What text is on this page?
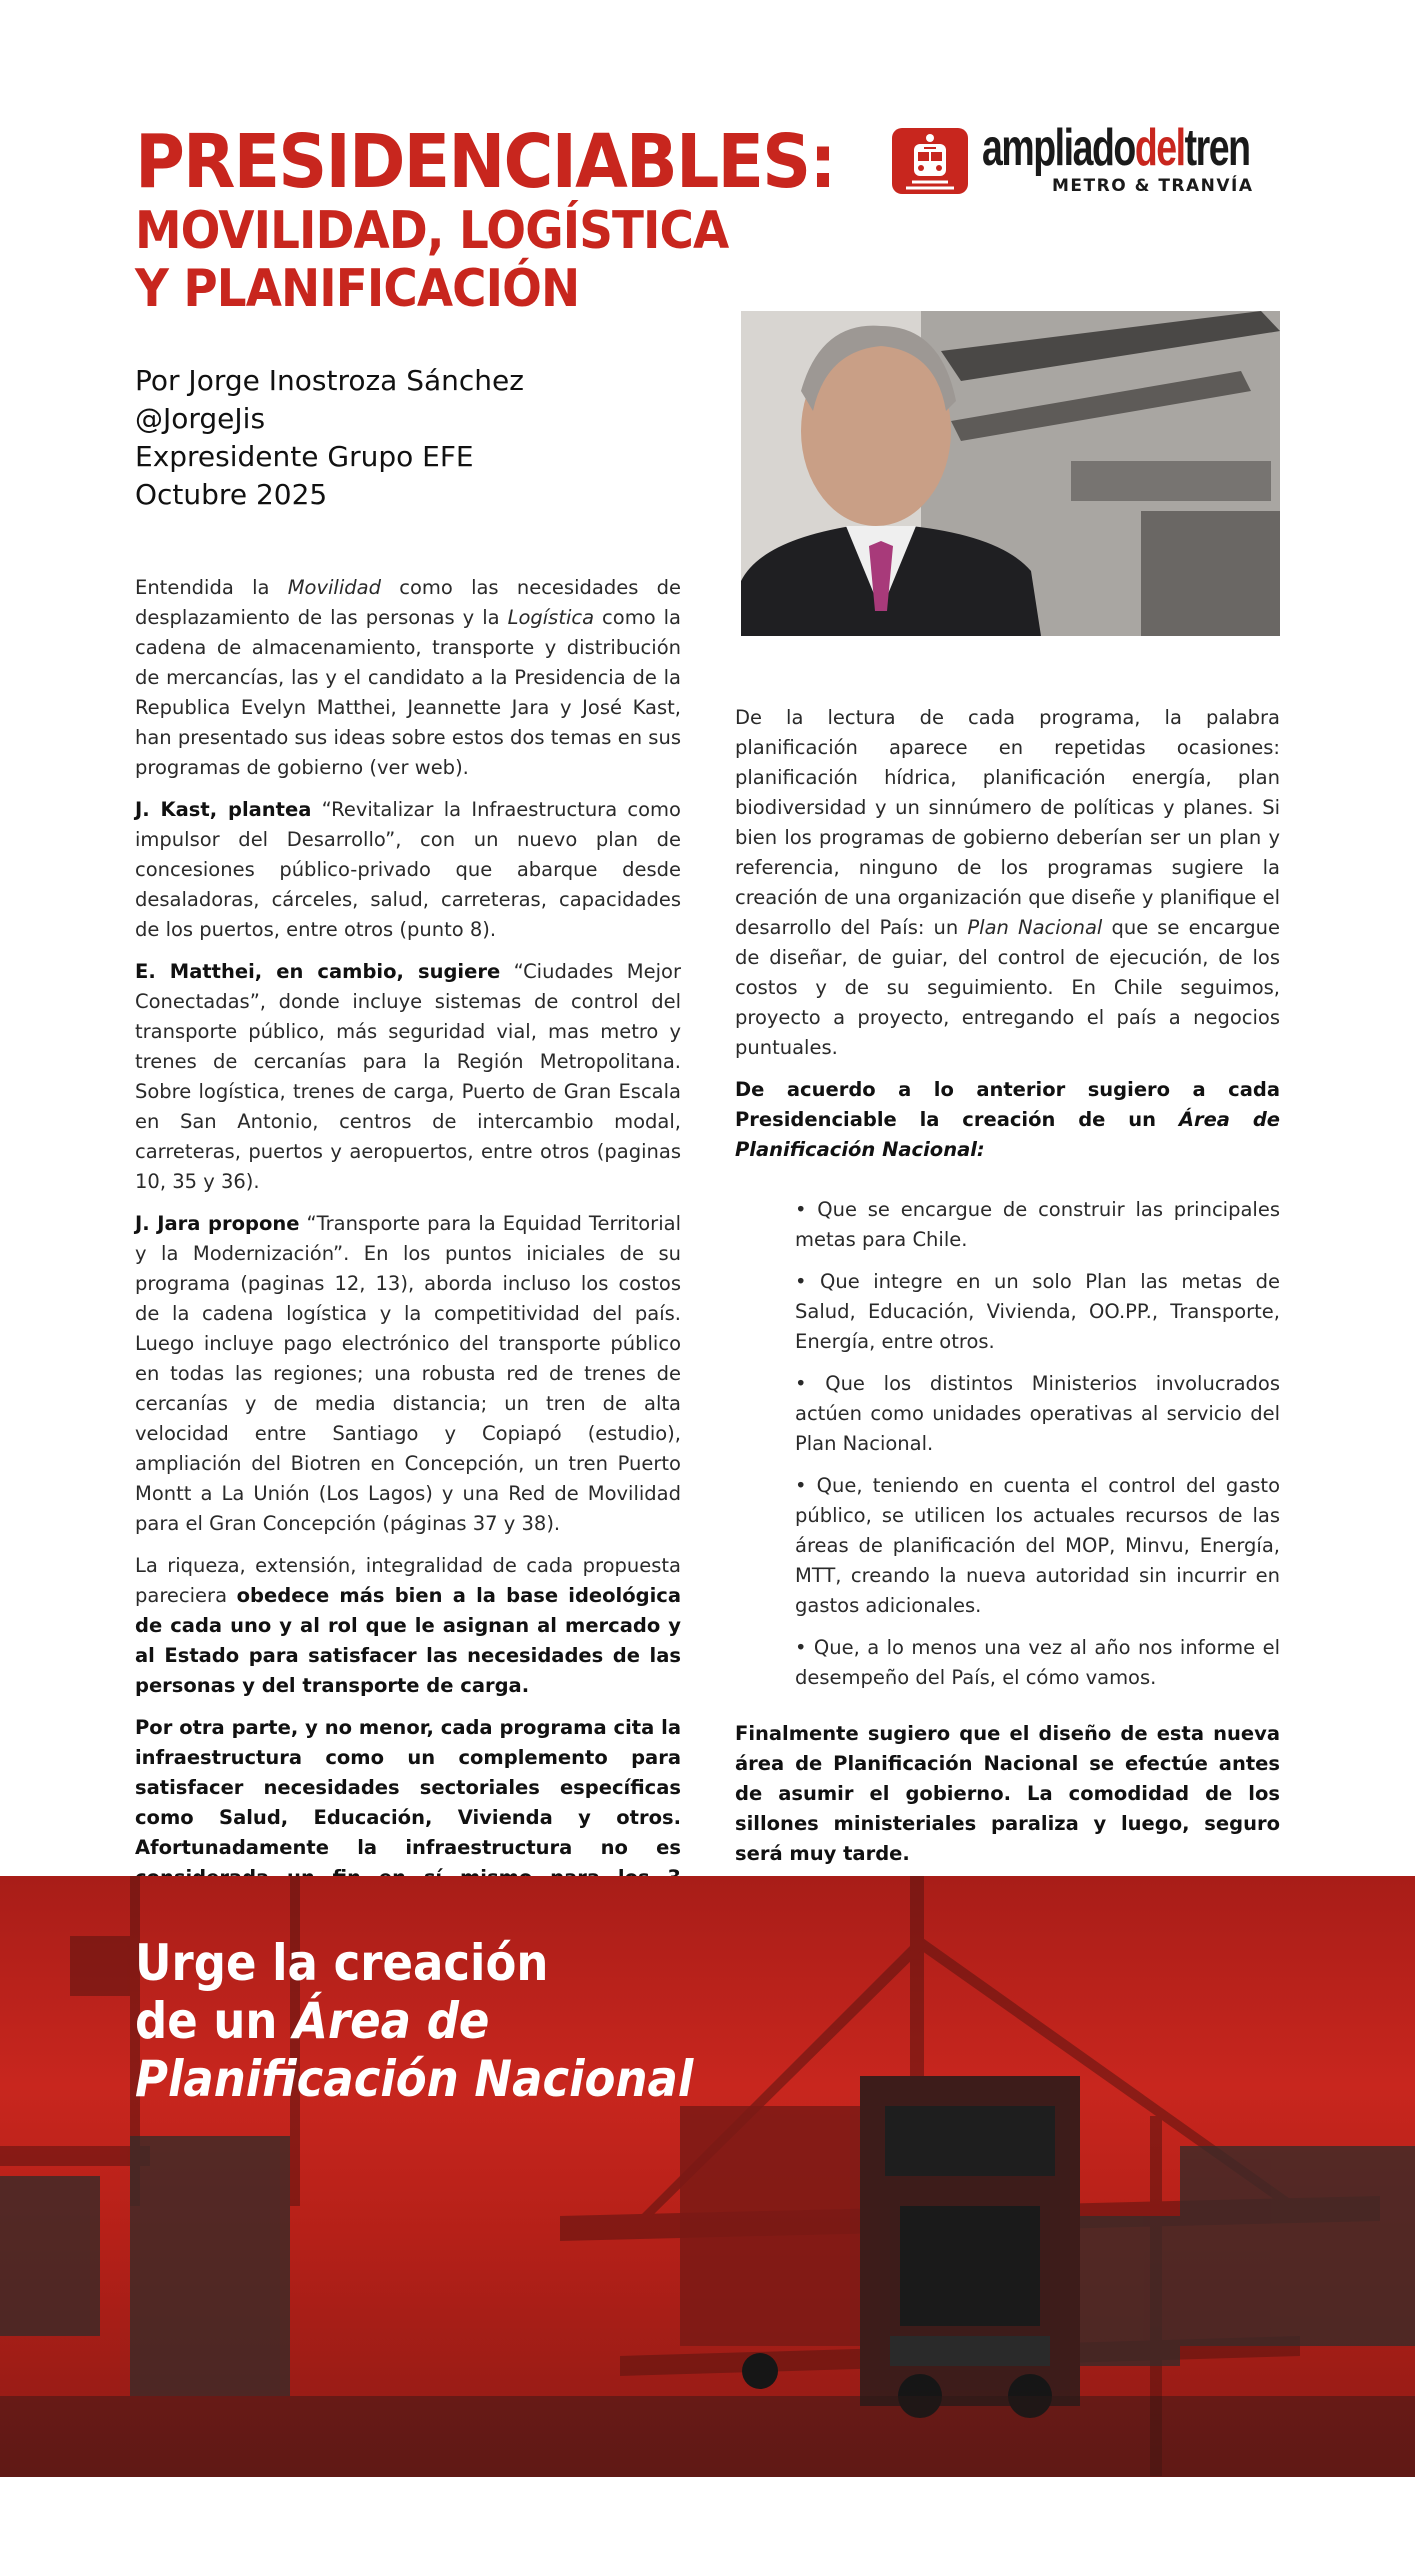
PRESIDENCIABLES:
MOVILIDAD, LOGÍSTICA
Y PLANIFICACIÓN
ampliadodeltren
METRO & TRANVÍA
Por Jorge Inostroza Sánchez
@JorgeJis
Expresidente Grupo EFE
Octubre 2025

Entendida la Movilidad como las necesidades de desplazamiento de las personas y la Logística como la cadena de almacenamiento, transporte y distribución de mercancías, las y el candidato a la Presidencia de la Republica Evelyn Matthei, Jeannette Jara y José Kast, han presentado sus ideas sobre estos dos temas en sus programas de gobierno (ver web).

J. Kast, plantea “Revitalizar la Infraestructura como impulsor del Desarrollo”, con un nuevo plan de concesiones público-privado que abarque desde desaladoras, cárceles, salud, carreteras, capacidades de los puertos, entre otros (punto 8).

E. Matthei, en cambio, sugiere “Ciudades Mejor Conectadas”, donde incluye sistemas de control del transporte público, más seguridad vial, mas metro y trenes de cercanías para la Región Metropolitana. Sobre logística, trenes de carga, Puerto de Gran Escala en San Antonio, centros de intercambio modal, carreteras, puertos y aeropuertos, entre otros (paginas 10, 35 y 36).

J. Jara propone “Transporte para la Equidad Territorial y la Modernización”. En los puntos iniciales de su programa (paginas 12, 13), aborda incluso los costos de la cadena logística y la competitividad del país. Luego incluye pago electrónico del transporte público en todas las regiones; una robusta red de trenes de cercanías y de media distancia; un tren de alta velocidad entre Santiago y Copiapó (estudio), ampliación del Biotren en Concepción, un tren Puerto Montt a La Unión (Los Lagos) y una Red de Movilidad para el Gran Concepción (páginas 37 y 38).

La riqueza, extensión, integralidad de cada propuesta pareciera obedece más bien a la base ideológica de cada uno y al rol que le asignan al mercado y al Estado para satisfacer las necesidades de las personas y del transporte de carga.

Por otra parte, y no menor, cada programa cita la infraestructura como un complemento para satisfacer necesidades sectoriales específicas como Salud, Educación, Vivienda y otros. Afortunadamente la infraestructura no es

De la lectura de cada programa, la palabra planificación aparece en repetidas ocasiones: planificación hídrica, planificación energía, plan biodiversidad y un sinnúmero de políticas y planes. Si bien los programas de gobierno deberían ser un plan y referencia, ninguno de los programas sugiere la creación de una organización que diseñe y planifique el desarrollo del País: un Plan Nacional que se encargue de diseñar, de guiar, del control de ejecución, de los costos y de su seguimiento. En Chile seguimos, proyecto a proyecto, entregando el país a negocios puntuales.

De acuerdo a lo anterior sugiero a cada Presidenciable la creación de un Área de Planificación Nacional:

• Que se encargue de construir las principales metas para Chile.

• Que integre en un solo Plan las metas de Salud, Educación, Vivienda, OO.PP., Transporte, Energía, entre otros.

• Que los distintos Ministerios involucrados actúen como unidades operativas al servicio del Plan Nacional.

• Que, teniendo en cuenta el control del gasto público, se utilicen los actuales recursos de las áreas de planificación del MOP, Minvu, Energía, MTT, creando la nueva autoridad sin incurrir en gastos adicionales.

• Que, a lo menos una vez al año nos informe el desempeño del País, el cómo vamos.

Finalmente sugiero que el diseño de esta nueva área de Planificación Nacional se efectúe antes de asumir el gobierno. La comodidad de los sillones ministeriales paraliza y luego, seguro será muy tarde.

Urge la creación
de un Área de
Planificación Nacional
